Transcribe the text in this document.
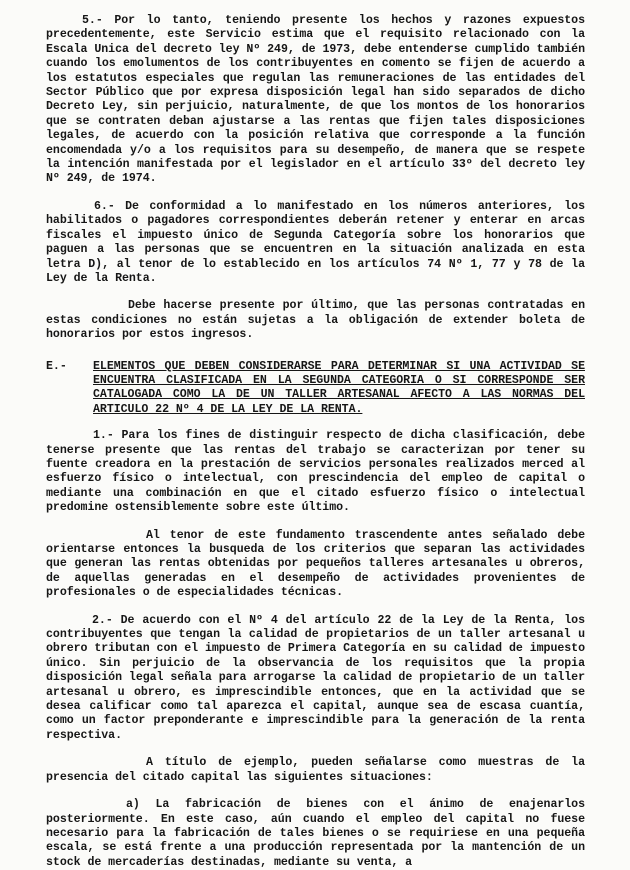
5.- Por lo tanto, teniendo presente los hechos y razones expuestos precedentemente, este Servicio estima que el requisito relacionado con la Escala Unica del decreto ley Nº 249, de 1973, debe entenderse cumplido también cuando los emolumentos de los contribuyentes en comento se fijen de acuerdo a los estatutos especiales que regulan las remuneraciones de las entidades del Sector Público que por expresa disposición legal han sido separados de dicho Decreto Ley, sin perjuicio, naturalmente, de que los montos de los honorarios que se contraten deban ajustarse a las rentas que fijen tales disposiciones legales, de acuerdo con la posición relativa que corresponde a la función encomendada y/o a los requisitos para su desempeño, de manera que se respete la intención manifestada por el legislador en el artículo 33º del decreto ley Nº 249, de 1974.

6.- De conformidad a lo manifestado en los números anteriores, los habilitados o pagadores correspondientes deberán retener y enterar en arcas fiscales el impuesto único de Segunda Categoría sobre los honorarios que paguen a las personas que se encuentren en la situación analizada en esta letra D), al tenor de lo establecido en los artículos 74 Nº 1, 77 y 78 de la Ley de la Renta.

Debe hacerse presente por último, que las personas contratadas en estas condiciones no están sujetas a la obligación de extender boleta de honorarios por estos ingresos.

E.-	ELEMENTOS QUE DEBEN CONSIDERARSE PARA DETERMINAR SI UNA ACTIVIDAD SE ENCUENTRA CLASIFICADA EN LA SEGUNDA CATEGORIA O SI CORRESPONDE SER CATALOGADA COMO LA DE UN TALLER ARTESANAL AFECTO A LAS NORMAS DEL ARTICULO 22 Nº 4 DE LA LEY DE LA RENTA.

1.- Para los fines de distinguir respecto de dicha clasificación, debe tenerse presente que las rentas del trabajo se caracterizan por tener su fuente creadora en la prestación de servicios personales realizados merced al esfuerzo físico o intelectual, con prescindencia del empleo de capital o mediante una combinación en que el citado esfuerzo físico o intelectual predomine ostensiblemente sobre este último.

Al tenor de este fundamento trascendente antes señalado debe orientarse entonces la busqueda de los criterios que separan las actividades que generan las rentas obtenidas por pequeños talleres artesanales u obreros, de aquellas generadas en el desempeño de actividades provenientes de profesionales o de especialidades técnicas.

2.- De acuerdo con el Nº 4 del artículo 22 de la Ley de la Renta, los contribuyentes que tengan la calidad de propietarios de un taller artesanal u obrero tributan con el impuesto de Primera Categoría en su calidad de impuesto único. Sin perjuicio de la observancia de los requisitos que la propia disposición legal señala para arrogarse la calidad de propietario de un taller artesanal u obrero, es imprescindible entonces, que en la actividad que se desea calificar como tal aparezca el capital, aunque sea de escasa cuantía, como un factor preponderante e imprescindible para la generación de la renta respectiva.

A título de ejemplo, pueden señalarse como muestras de la presencia del citado capital las siguientes situaciones:

a) La fabricación de bienes con el ánimo de enajenarlos posteriormente. En este caso, aún cuando el empleo del capital no fuese necesario para la fabricación de tales bienes o se requiriese en una pequeña escala, se está frente a una producción representada por la mantención de un stock de mercaderías destinadas, mediante su venta, a
